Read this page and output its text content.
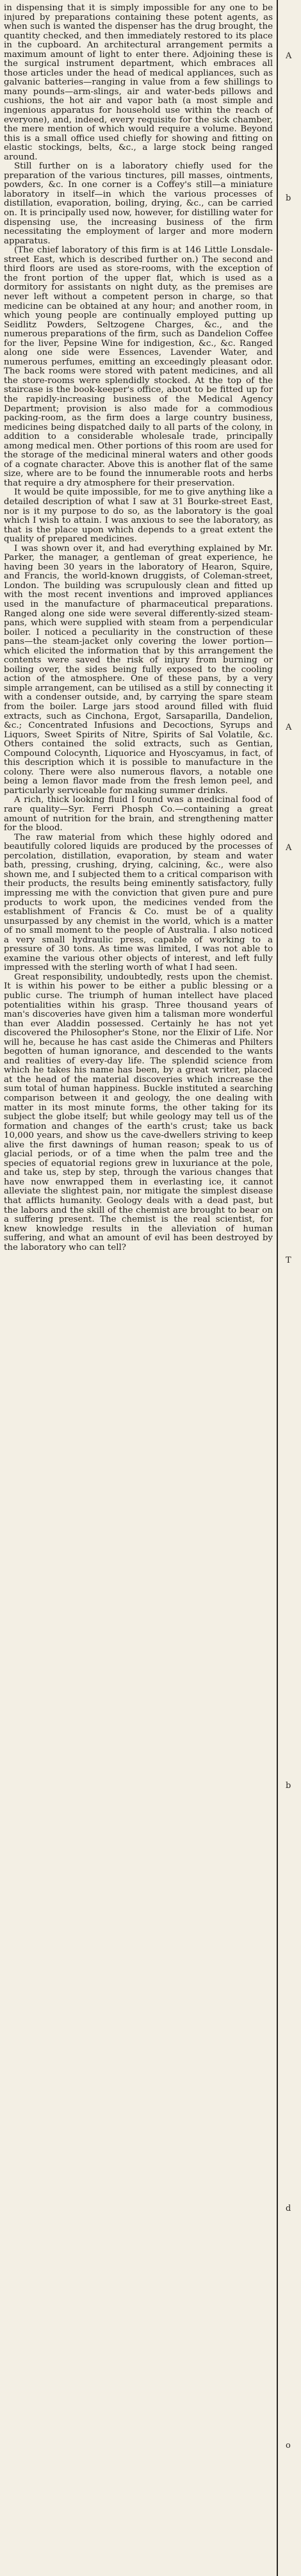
in dispensing that it is simply impossible for any one to be injured by preparations containing these potent agents, as when such is wanted the dispenser has the drug brought, the quantity checked, and then immediately restored to its place in the cupboard. An architectural arrangement permits a maximum amount of light to enter there. Adjoining these is the surgical instrument department, which embraces all those articles under the head of medical appliances, such as galvanic batteries—ranging in value from a few shillings to many pounds—arm-slings, air and water-beds pillows and cushions, the hot air and vapor bath (a most simple and ingenious apparatus for household use within the reach of everyone), and, indeed, every requisite for the sick chamber, the mere mention of which would require a volume. Beyond this is a small office used chiefly for showing and fitting on elastic stockings, belts, &c., a large stock being ranged around.

Still further on is a laboratory chiefly used for the preparation of the various tinctures, pill masses, ointments, powders, &c. In one corner is a Coffey's still—a miniature laboratory in itself—in which the various processes of distillation, evaporation, boiling, drying, &c., can be carried on. It is principally used now, however, for distilling water for dispensing use, the increasing business of the firm necessitating the employment of larger and more modern apparatus.

(The chief laboratory of this firm is at 146 Little Lonsdale-street East, which is described further on.) The second and third floors are used as store-rooms, with the exception of the front portion of the upper flat, which is used as a dormitory for assistants on night duty, as the premises are never left without a competent person in charge, so that medicine can be obtained at any hour; and another room, in which young people are continually employed putting up Seidlitz Powders, Seltzogene Charges, &c., and the numerous preparations of the firm, such as Dandelion Coffee for the liver, Pepsine Wine for indigestion, &c., &c. Ranged along one side were Essences, Lavender Water, and numerous perfumes, emitting an exceedingly pleasant odor. The back rooms were stored with patent medicines, and all the store-rooms were splendidly stocked. At the top of the staircase is the book-keeper's office, about to be fitted up for the rapidly-increasing business of the Medical Agency Department; provision is also made for a commodious packing-room, as the firm does a large country business, medicines being dispatched daily to all parts of the colony, in addition to a considerable wholesale trade, principally among medical men. Other portions of this room are used for the storage of the medicinal mineral waters and other goods of a cognate character. Above this is another flat of the same size, where are to be found the innumerable roots and herbs that require a dry atmosphere for their preservation.

It would be quite impossible, for me to give anything like a detailed description of what I saw at 31 Bourke-street East, nor is it my purpose to do so, as the laboratory is the goal which I wish to attain. I was anxious to see the laboratory, as that is the place upon which depends to a great extent the quality of prepared medicines.

I was shown over it, and had everything explained by Mr. Parker, the manager, a gentleman of great experience, he having been 30 years in the laboratory of Hearon, Squire, and Francis, the world-known druggists, of Coleman-street, London. The building was scrupulously clean and fitted up with the most recent inventions and improved appliances used in the manufacture of pharmaceutical preparations. Ranged along one side were several differently-sized steam-pans, which were supplied with steam from a perpendicular boiler. I noticed a peculiarity in the construction of these pans—the steam-jacket only covering the lower portion—which elicited the information that by this arrangement the contents were saved the risk of injury from burning or boiling over, the sides being fully exposed to the cooling action of the atmosphere. One of these pans, by a very simple arrangement, can be utilised as a still by connecting it with a condenser outside, and, by carrying the spare steam from the boiler. Large jars stood around filled with fluid extracts, such as Cinchona, Ergot, Sarsaparilla, Dandelion, &c.; Concentrated Infusions and Decoctions, Syrups and Liquors, Sweet Spirits of Nitre, Spirits of Sal Volatile, &c. Others contained the solid extracts, such as Gentian, Compound Colocynth, Liquorice and Hyoscyamus, in fact, of this description which it is possible to manufacture in the colony. There were also numerous flavors, a notable one being a lemon flavor made from the fresh lemon peel, and particularly serviceable for making summer drinks.

A rich, thick looking fluid I found was a medicinal food of rare quality—Syr. Ferri Phosph Co.—containing a great amount of nutrition for the brain, and strengthening matter for the blood.

The raw material from which these highly odored and beautifully colored liquids are produced by the processes of percolation, distillation, evaporation, by steam and water bath, pressing, crushing, drying, calcining, &c., were also shown me, and I subjected them to a critical comparison with their products, the results being eminently satisfactory, fully impressing me with the conviction that given pure and pure products to work upon, the medicines vended from the establishment of Francis & Co. must be of a quality unsurpassed by any chemist in the world, which is a matter of no small moment to the people of Australia. I also noticed a very small hydraulic press, capable of working to a pressure of 30 tons. As time was limited, I was not able to examine the various other objects of interest, and left fully impressed with the sterling worth of what I had seen.

Great responsibility, undoubtedly, rests upon the chemist. It is within his power to be either a public blessing or a public curse. The triumph of human intellect have placed potentialities within his grasp. Three thousand years of man's discoveries have given him a talisman more wonderful than ever Aladdin possessed. Certainly he has not yet discovered the Philosopher's Stone, nor the Elixir of Life. Nor will he, because he has cast aside the Chimeras and Philters begotten of human ignorance, and descended to the wants and realities of every-day life. The splendid science from which he takes his name has been, by a great writer, placed at the head of the material discoveries which increase the sum total of human happiness. Buckle instituted a searching comparison between it and geology, the one dealing with matter in its most minute forms, the other taking for its subject the globe itself; but while geology may tell us of the formation and changes of the earth's crust; take us back 10,000 years, and show us the cave-dwellers striving to keep alive the first dawnings of human reason; speak to us of glacial periods, or of a time when the palm tree and the species of equatorial regions grew in luxuriance at the pole, and take us, step by step, through the various changes that have now enwrapped them in everlasting ice, it cannot alleviate the slightest pain, nor mitigate the simplest disease that afflicts humanity. Geology deals with a dead past, but the labors and the skill of the chemist are brought to bear on a suffering present. The chemist is the real scientist, for knew knowledge results in the alleviation of human suffering, and what an amount of evil has been destroyed by the laboratory who can tell?

A
b
A
A
T
b
d
o
